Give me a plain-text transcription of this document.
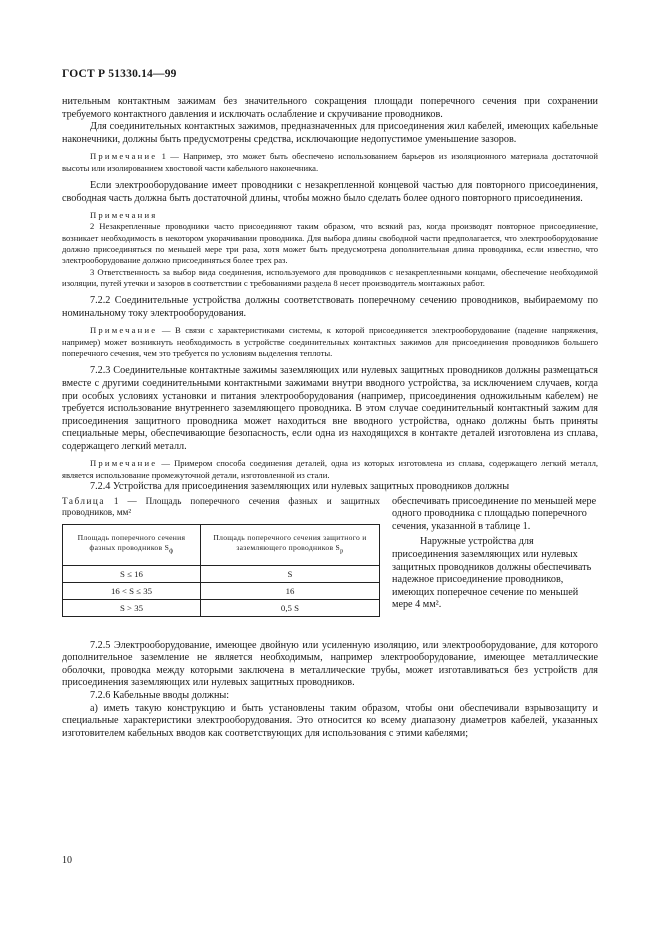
ГОСТ Р 51330.14—99

нительным контактным зажимам без значительного сокращения площади поперечного сечения при сохранении требуемого контактного давления и исключать ослабление и скручивание проводников.

Для соединительных контактных зажимов, предназначенных для присоединения жил кабелей, имеющих кабельные наконечники, должны быть предусмотрены средства, исключающие недопустимое уменьшение зазоров.

Примечание 1 — Например, это может быть обеспечено использованием барьеров из изоляционного материала достаточной высоты или изолированием хвостовой части кабельного наконечника.

Если электрооборудование имеет проводники с незакрепленной концевой частью для повторного присоединения, свободная часть должна быть достаточной длины, чтобы можно было сделать более одного повторного присоединения.

Примечания

2 Незакрепленные проводники часто присоединяют таким образом, что всякий раз, когда производят повторное присоединение, возникает необходимость в некотором укорачивании проводника. Для выбора длины свободной части предполагается, что электрооборудование должно присоединяться по меньшей мере три раза, хотя может быть предусмотрена дополнительная длина проводника, если известно, что электрооборудование должно присоединяться более трех раз.

3 Ответственность за выбор вида соединения, используемого для проводников с незакрепленными концами, обеспечение необходимой изоляции, путей утечки и зазоров в соответствии с требованиями раздела 8 несет производитель монтажных работ.

7.2.2 Соединительные устройства должны соответствовать поперечному сечению проводников, выбираемому по номинальному току электрооборудования.

Примечание — В связи с характеристиками системы, к которой присоединяется электрооборудование (падение напряжения, например) может возникнуть необходимость в устройстве соединительных контактных зажимов для присоединения проводников большего поперечного сечения, чем это требуется по условиям выделения теплоты.

7.2.3 Соединительные контактные зажимы заземляющих или нулевых защитных проводников должны размещаться вместе с другими соединительными контактными зажимами внутри вводного устройства, за исключением случаев, когда при особых условиях установки и питания электрооборудования (например, присоединения одножильным кабелем) не требуется использование внутреннего заземляющего проводника. В этом случае соединительный контактный зажим для присоединения защитного проводника может находиться вне вводного устройства, однако должны быть приняты специальные меры, обеспечивающие безопасность, если одна из находящихся в контакте деталей изготовлена из сплава, содержащего легкий металл.

Примечание — Примером способа соединения деталей, одна из которых изготовлена из сплава, содержащего легкий металл, является использование промежуточной детали, изготовленной из стали.

7.2.4 Устройства для присоединения заземляющих или нулевых защитных проводников должны

Таблица 1 — Площадь поперечного сечения фазных и защитных проводников, мм²

Площадь поперечного сечения фазных проводников $S_ф$	Площадь поперечного сечения защитного и заземляющего проводников $S_р$
S ≤ 16	S
16 < S ≤ 35	16
S > 35	0,5 S

обеспечивать присоединение по меньшей мере одного проводника с площадью поперечного сечения, указанной в таблице 1.

Наружные устройства для присоединения заземляющих или нулевых защитных проводников должны обеспечивать надежное присоединение проводников, имеющих поперечное сечение по меньшей мере 4 мм².

7.2.5 Электрооборудование, имеющее двойную или усиленную изоляцию, или электрооборудование, для которого дополнительное заземление не является необходимым, например электрооборудование, имеющее металлические оболочки, проводка между которыми заключена в металлические трубы, может изготавливаться без устройств для присоединения заземляющих или нулевых защитных проводников.

7.2.6 Кабельные вводы должны:

а) иметь такую конструкцию и быть установлены таким образом, чтобы они обеспечивали взрывозащиту и специальные характеристики электрооборудования. Это относится ко всему диапазону диаметров кабелей, указанных изготовителем кабельных вводов как соответствующих для использования с этими кабелями;

10
